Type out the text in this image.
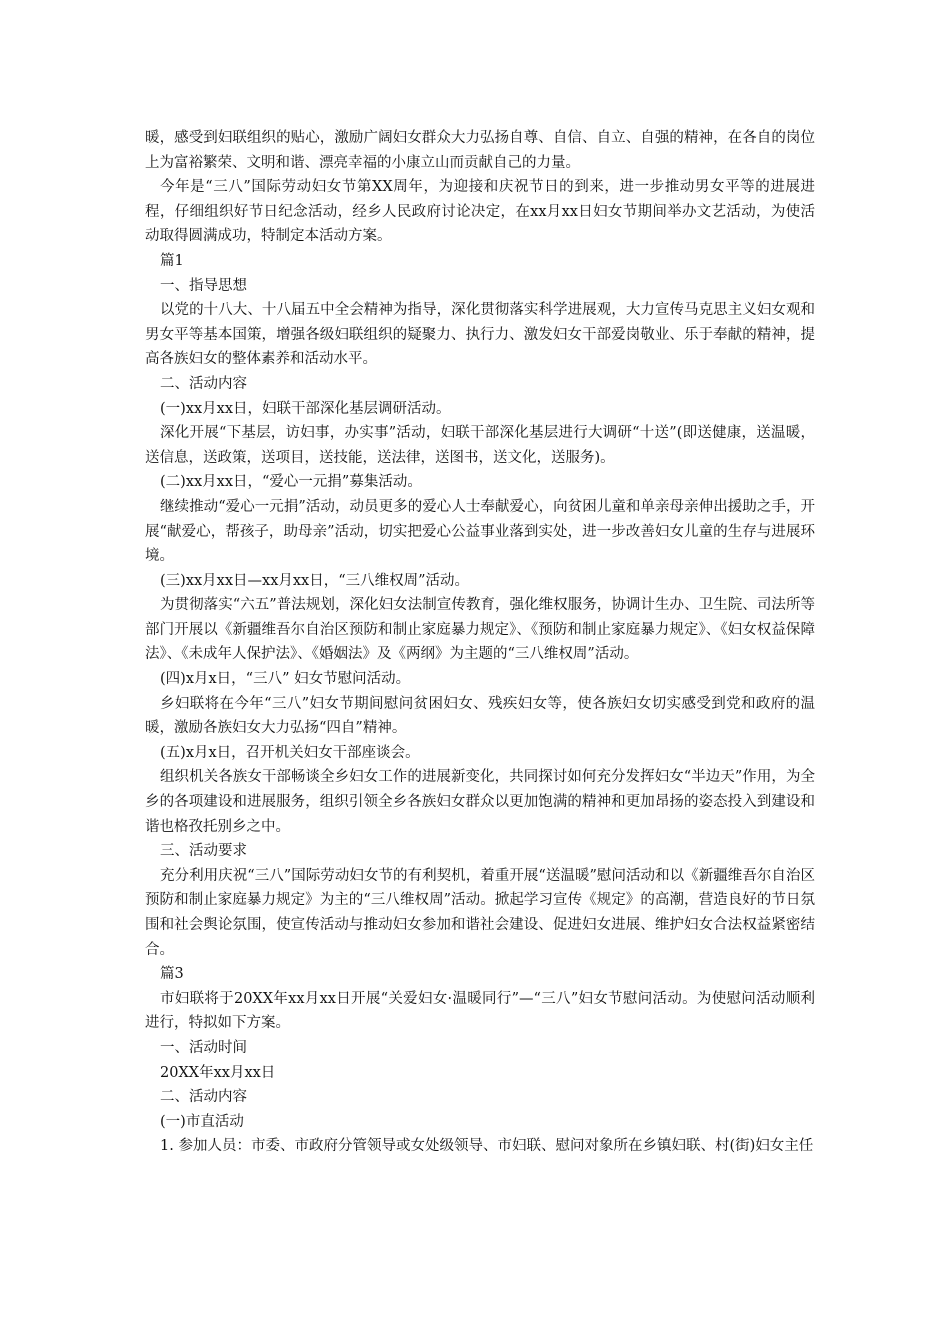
暖，感受到妇联组织的贴心，激励广阔妇女群众大力弘扬自尊、自信、自立、自强的精神，在各自的岗位上为富裕繁荣、文明和谐、漂亮幸福的小康立山而贡献自己的力量。

今年是“三八”国际劳动妇女节第XX周年，为迎接和庆祝节日的到来，进一步推动男女平等的进展进程，仔细组织好节日纪念活动，经乡人民政府讨论决定，在xx月xx日妇女节期间举办文艺活动，为使活动取得圆满成功，特制定本活动方案。

篇1

一、指导思想

以党的十八大、十八届五中全会精神为指导，深化贯彻落实科学进展观，大力宣传马克思主义妇女观和男女平等基本国策，增强各级妇联组织的疑聚力、执行力、激发妇女干部爱岗敬业、乐于奉献的精神，提高各族妇女的整体素养和活动水平。

二、活动内容

(一)xx月xx日，妇联干部深化基层调研活动。

深化开展“下基层，访妇事，办实事”活动，妇联干部深化基层进行大调研“十送”(即送健康，送温暖，送信息，送政策，送项目，送技能，送法律，送图书，送文化，送服务)。

(二)xx月xx日，“爱心一元捐”募集活动。

继续推动“爱心一元捐”活动，动员更多的爱心人士奉献爱心，向贫困儿童和单亲母亲伸出援助之手，开展“献爱心，帮孩子，助母亲”活动，切实把爱心公益事业落到实处，进一步改善妇女儿童的生存与进展环境。

(三)xx月xx日—xx月xx日，“三八维权周”活动。

为贯彻落实“六五”普法规划，深化妇女法制宣传教育，强化维权服务，协调计生办、卫生院、司法所等部门开展以《新疆维吾尔自治区预防和制止家庭暴力规定》、《预防和制止家庭暴力规定》、《妇女权益保障法》、《未成年人保护法》、《婚姻法》及《两纲》为主题的“三八维权周”活动。

(四)x月x日，“三八” 妇女节慰问活动。

乡妇联将在今年“三八”妇女节期间慰问贫困妇女、残疾妇女等，使各族妇女切实感受到党和政府的温暖，激励各族妇女大力弘扬“四自”精神。

(五)x月x日，召开机关妇女干部座谈会。

组织机关各族女干部畅谈全乡妇女工作的进展新变化，共同探讨如何充分发挥妇女“半边天”作用，为全乡的各项建设和进展服务，组织引领全乡各族妇女群众以更加饱满的精神和更加昂扬的姿态投入到建设和谐也格孜托别乡之中。

三、活动要求

充分利用庆祝“三八”国际劳动妇女节的有利契机，着重开展“送温暖”慰问活动和以《新疆维吾尔自治区预防和制止家庭暴力规定》为主的“三八维权周”活动。掀起学习宣传《规定》的高潮，营造良好的节日氛围和社会舆论氛围，使宣传活动与推动妇女参加和谐社会建设、促进妇女进展、维护妇女合法权益紧密结合。

篇3

市妇联将于20XX年xx月xx日开展“关爱妇女·温暖同行”—“三八”妇女节慰问活动。为使慰问活动顺利进行，特拟如下方案。

一、活动时间

20XX年xx月xx日

二、活动内容

(一)市直活动

1. 参加人员：市委、市政府分管领导或女处级领导、市妇联、慰问对象所在乡镇妇联、村(街)妇女主任
